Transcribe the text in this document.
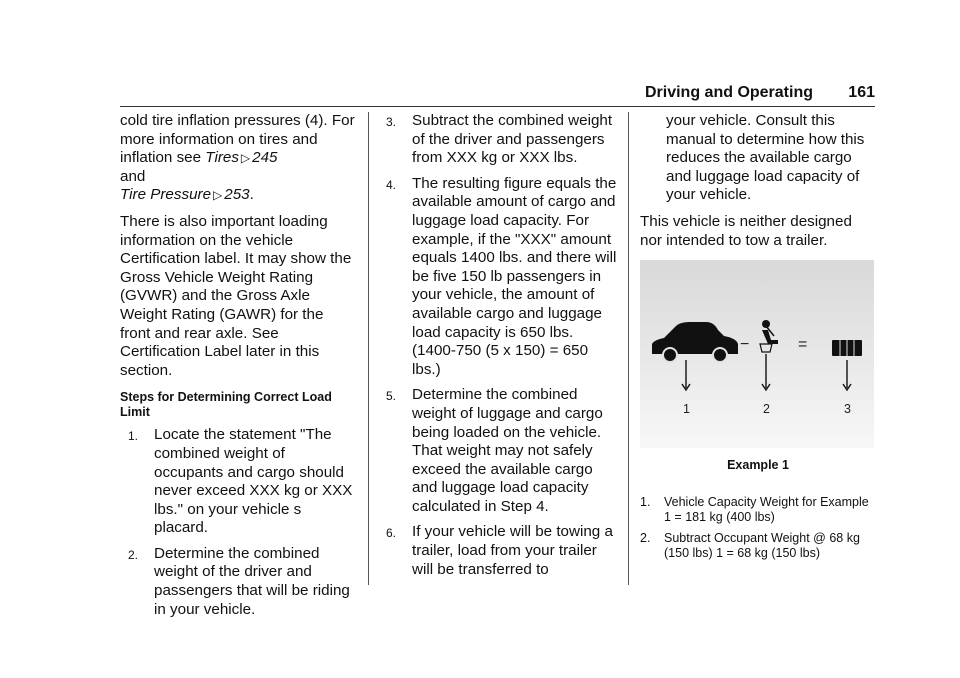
Driving and Operating 161

cold tire inflation pressures (4). For more information on tires and inflation see Tires ▷ 245
and
Tire Pressure ▷ 253.

There is also important loading information on the vehicle Certification label. It may show the Gross Vehicle Weight Rating (GVWR) and the Gross Axle Weight Rating (GAWR) for the front and rear axle. See Certification Label later in this section.

Steps for Determining Correct Load Limit
1. Locate the statement "The combined weight of occupants and cargo should never exceed XXX kg or XXX lbs." on your vehicle s placard.
2. Determine the combined weight of the driver and passengers that will be riding in your vehicle.
3. Subtract the combined weight of the driver and passengers from XXX kg or XXX lbs.
4. The resulting figure equals the available amount of cargo and luggage load capacity. For example, if the "XXX" amount equals 1400 lbs. and there will be five 150 lb passengers in your vehicle, the amount of available cargo and luggage load capacity is 650 lbs. (1400-750 (5 x 150) = 650 lbs.)
5. Determine the combined weight of luggage and cargo being loaded on the vehicle. That weight may not safely exceed the available cargo and luggage load capacity calculated in Step 4.
6. If your vehicle will be towing a trailer, load from your trailer will be transferred to

your vehicle. Consult this manual to determine how this reduces the available cargo and luggage load capacity of your vehicle.

This vehicle is neither designed nor intended to tow a trailer.

−	=
1	2	3
Example 1
1. Vehicle Capacity Weight for Example 1 = 181 kg (400 lbs)
2. Subtract Occupant Weight @ 68 kg (150 lbs) 1 = 68 kg (150 lbs)
